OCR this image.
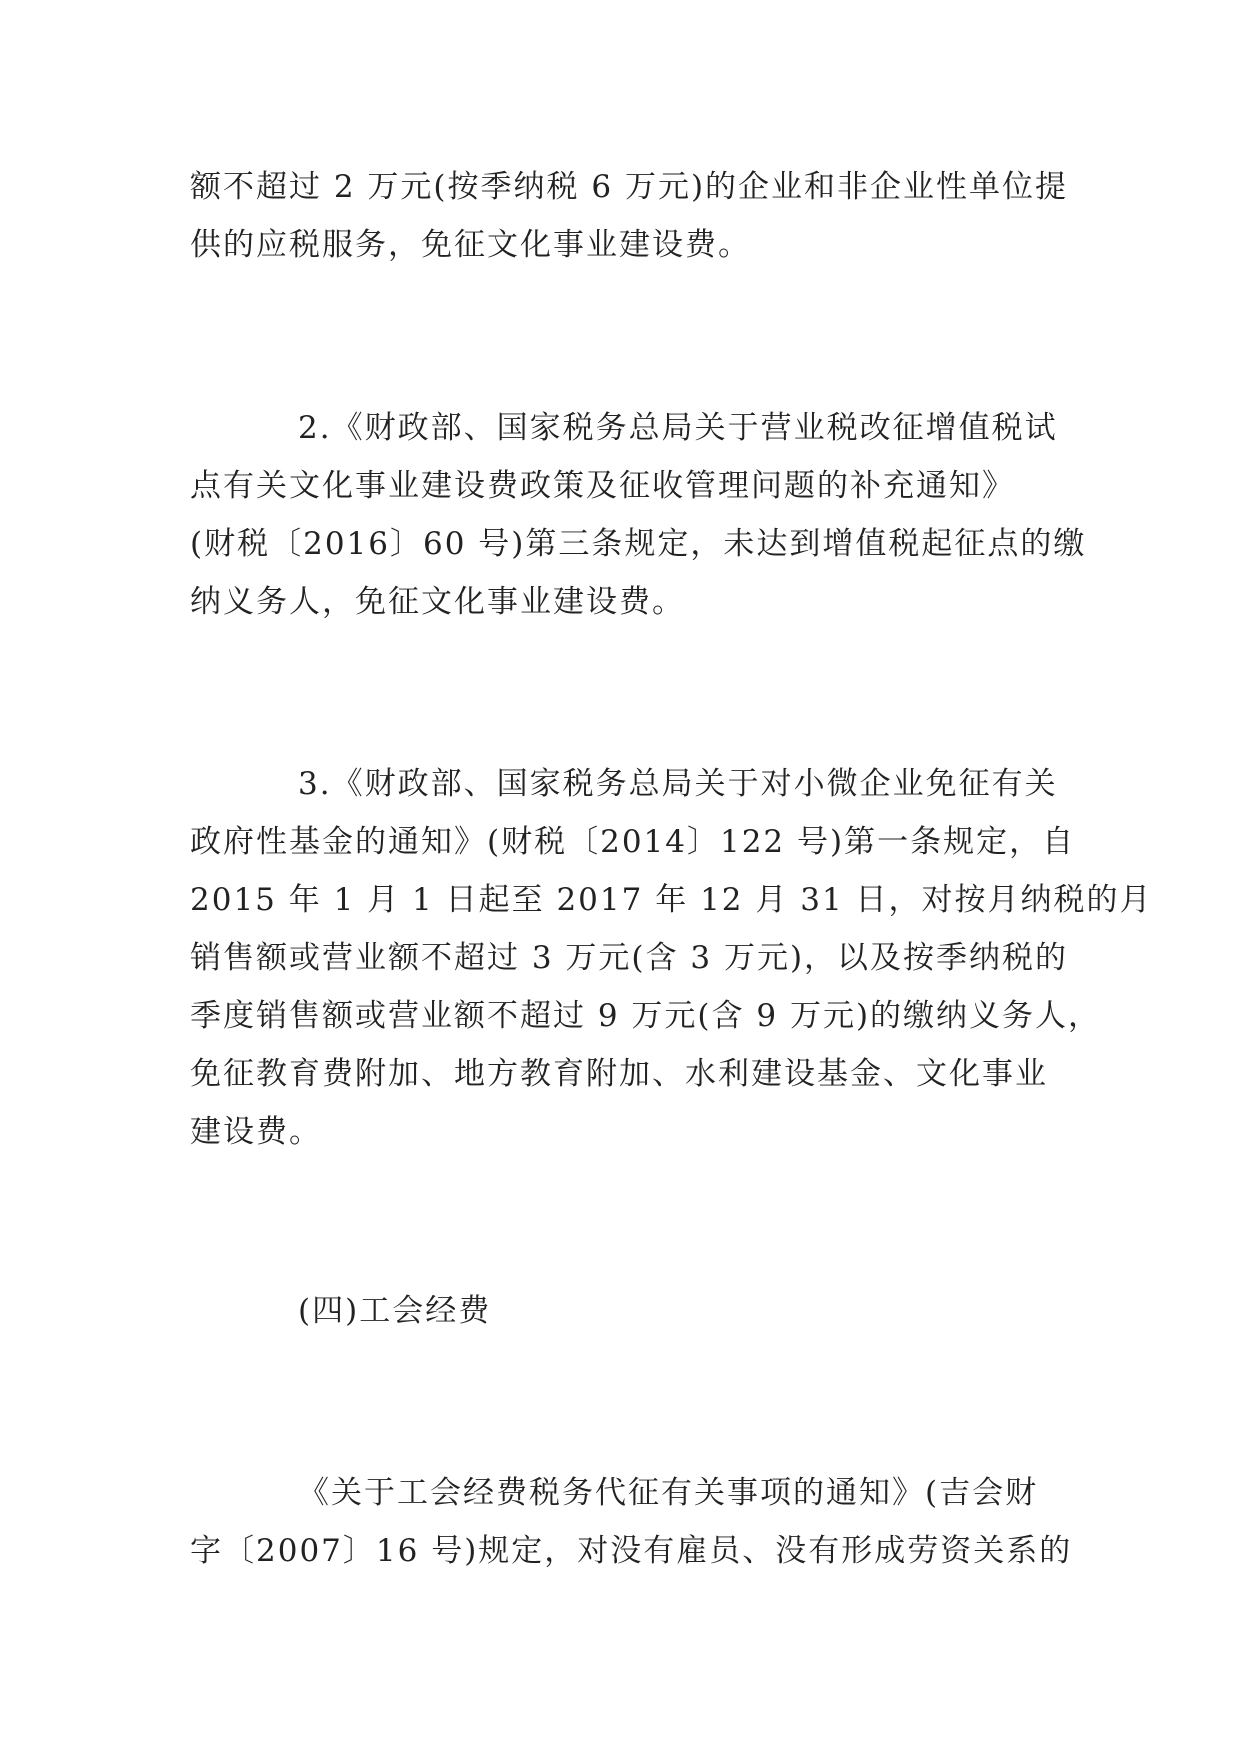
额不超过 2 万元(按季纳税 6 万元)的企业和非企业性单位提
供的应税服务，免征文化事业建设费。
2.《财政部、国家税务总局关于营业税改征增值税试
点有关文化事业建设费政策及征收管理问题的补充通知》
(财税〔2016〕60 号)第三条规定，未达到增值税起征点的缴
纳义务人，免征文化事业建设费。
3.《财政部、国家税务总局关于对小微企业免征有关
政府性基金的通知》(财税〔2014〕122 号)第一条规定，自
2015 年 1 月 1 日起至 2017 年 12 月 31 日，对按月纳税的月
销售额或营业额不超过 3 万元(含 3 万元)，以及按季纳税的
季度销售额或营业额不超过 9 万元(含 9 万元)的缴纳义务人，
免征教育费附加、地方教育附加、水利建设基金、文化事业
建设费。
(四)工会经费
《关于工会经费税务代征有关事项的通知》(吉会财
字〔2007〕16 号)规定，对没有雇员、没有形成劳资关系的
